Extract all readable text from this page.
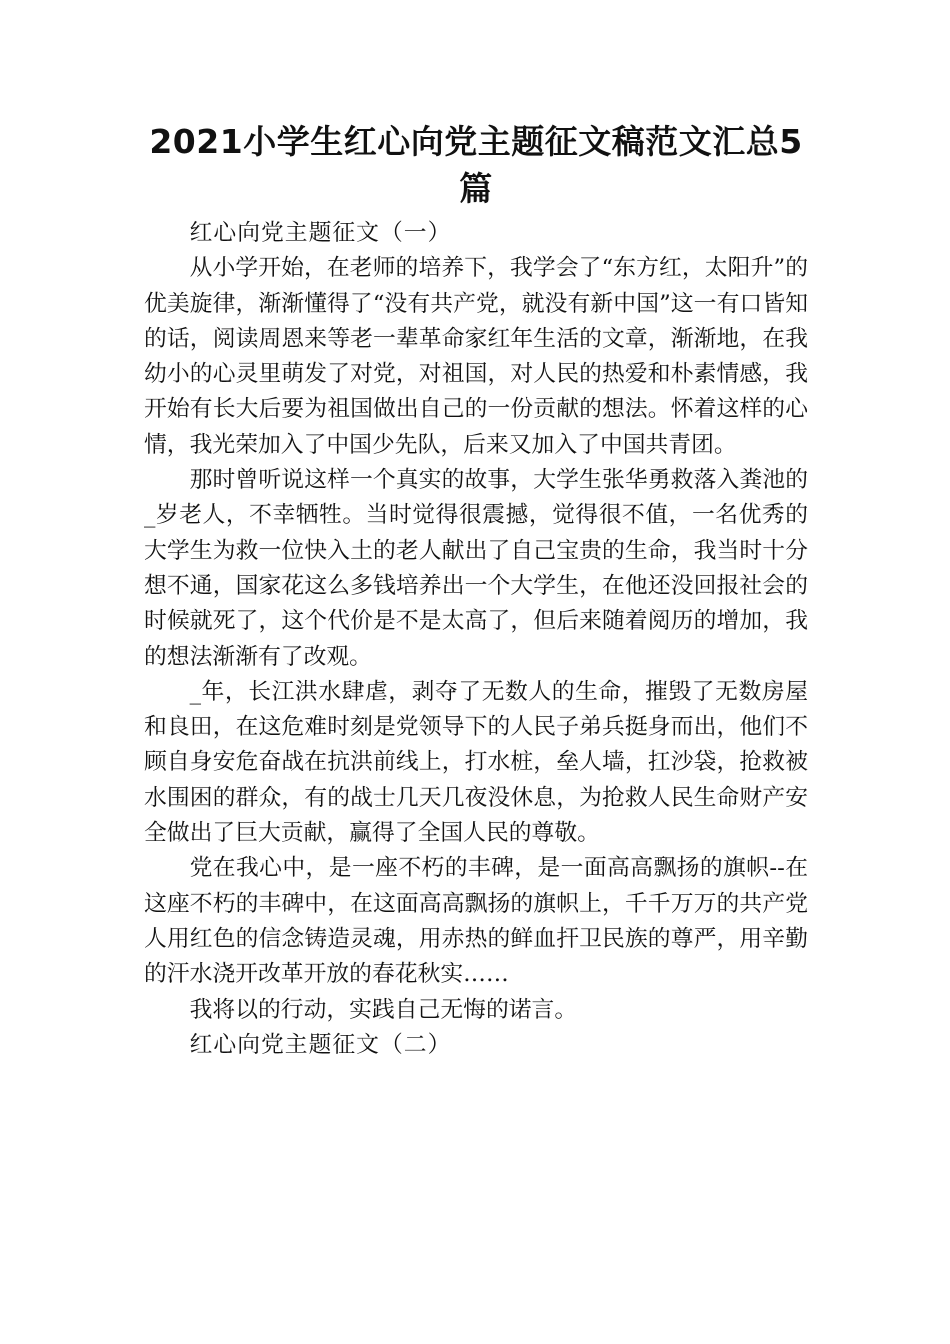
2021小学生红心向党主题征文稿范文汇总5篇

红心向党主题征文（一）

从小学开始，在老师的培养下，我学会了“东方红，太阳升”的优美旋律，渐渐懂得了“没有共产党，就没有新中国”这一有口皆知的话，阅读周恩来等老一辈革命家红年生活的文章，渐渐地，在我幼小的心灵里萌发了对党，对祖国，对人民的热爱和朴素情感，我开始有长大后要为祖国做出自己的一份贡献的想法。怀着这样的心情，我光荣加入了中国少先队，后来又加入了中国共青团。

那时曾听说这样一个真实的故事，大学生张华勇救落入粪池的_岁老人，不幸牺牲。当时觉得很震撼，觉得很不值，一名优秀的大学生为救一位快入土的老人献出了自己宝贵的生命，我当时十分想不通，国家花这么多钱培养出一个大学生，在他还没回报社会的时候就死了，这个代价是不是太高了，但后来随着阅历的增加，我的想法渐渐有了改观。

_年，长江洪水肆虐，剥夺了无数人的生命，摧毁了无数房屋和良田，在这危难时刻是党领导下的人民子弟兵挺身而出，他们不顾自身安危奋战在抗洪前线上，打水桩，垒人墙，扛沙袋，抢救被水围困的群众，有的战士几天几夜没休息，为抢救人民生命财产安全做出了巨大贡献，赢得了全国人民的尊敬。

党在我心中，是一座不朽的丰碑，是一面高高飘扬的旗帜--在这座不朽的丰碑中，在这面高高飘扬的旗帜上，千千万万的共产党人用红色的信念铸造灵魂，用赤热的鲜血扞卫民族的尊严，用辛勤的汗水浇开改革开放的春花秋实……

我将以的行动，实践自己无悔的诺言。

红心向党主题征文（二）
